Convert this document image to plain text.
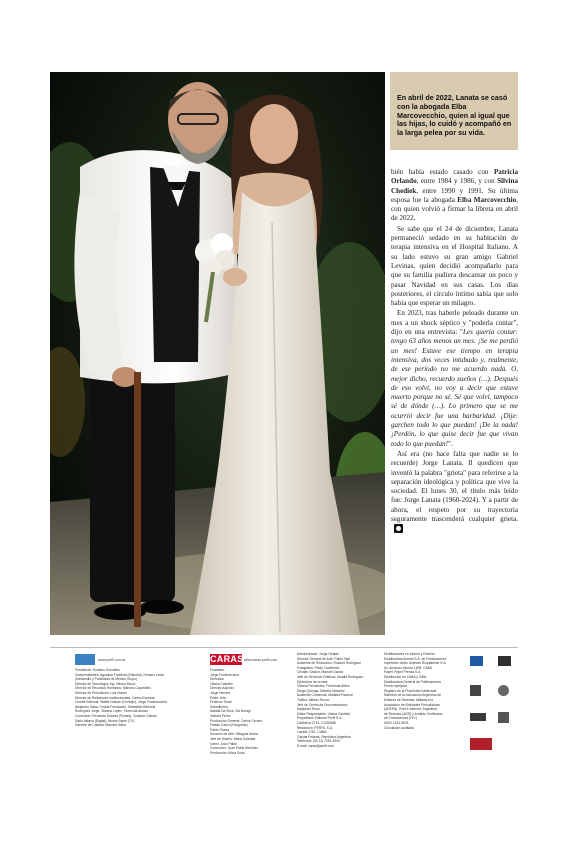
En abril de 2022, Lanata se casó con la abogada Elba Marcovecchio, quien al igual que las hijas, lo cuidó y acompañó en la larga pelea por su vida.

bién había estado casado con Patricia Orlando, entre 1984 y 1986, y con Silvina Chediek, entre 1990 y 1991. Su última esposa fue la abogada Elba Marcovecchio, con quien volvió a firmar la libreta en abril de 2022.

Se sabe que el 24 de diciembre, Lanata permaneció sedado en su habitación de terapia intensiva en el Hospital Italiano. A su lado estuvo su gran amigo Gabriel Levinas, quien decidió acompañarlo para que su familia pudiera descansar un poco y pasar Navidad en sus casas. Los días posteriores, el círculo íntimo sabía que solo había que esperar un milagro.

En 2023, tras haberle peleado durante un mes a un shock séptico y "poderla contar", dijo en una entrevista: "Les quería contar: tengo 63 años menos un mes. ¡Se me perdió un mes! Estuve ese tiempo en terapia intensiva, dos veces intubado y, realmente, de ese período no me acuerdo nada. O, mejor dicho, recuerdo sueños (…). Después de eso volví, no voy a decir que estuve muerto porque no sé. Sé que volví, tampoco sé de dónde (…). Lo primero que se me ocurrió decir fue una barbaridad. ¡Dije: garchen todo lo que puedan! ¡De la nada! ¡Perdón, lo que quise decir fue que vivan todo lo que puedan!".

Así era (no hace falta que nadie se lo recuerde) Jorge Lanata. Il quedicen que inventó la palabra "grieta" para referirse a la separación ideológica y política que vive la sociedad. El lunes 30, el título más leído fue: Jorge Lanata (1960-2024). Y a partir de ahora, el respeto por su trayectoria seguramente trascenderá cualquier grieta.

www.perfil.com.ar	CARAS www.caras.perfil.com
Presidente: Gustavo González
Vicepresidentes: Agustina Fontenla (Editorial), Horacio Lesta
(Desarrollo y Publicidad de Medios Grupo)
Director de Tecnología: Ing. Héctor Mucci
Director de Recursos Humanos: Marcelo Copaviello
Director de Periodismo: Luis Nunes
Director de Relaciones Institucionales: Carlos Escarda
Comité Editorial: Walter Galván (Consejo), Jorge Fontevecchia
Alejandro Saba, Cecilia Fernández, Sebastián Bertolini
Rodríguez Jorge, Silvana Lopez, Florencia Alonso
Comercial: Fernanda Dolores (Pymes), Gustavo Galvan
Dario Aldana (Digital), Nueva Sanm (TV)
Gerente de Calidad: Marcelo Saba
Fundador:
Jorge Fontevecchia
Directora:
Liliana Castaño
Director Adjunto:
Jorge Herrera
Editor Jefe:
Federico Terán
Subeditores:
Natalia Da Silva, Sol Boragi
Victoria Pérez
Producción General: Carlos Cerone
Fabián Calvo (Fotografía)
Pablo Giunta
Solución de Arte: Milagros Ibarra
Jefe de Diseño: María Soledad
Cerini, Juan Pablo
Corrección: Juan Pablo Martínez
Producción: Alicia Sosa
Administrador: Jorge Giraldo
Director General de Arte: Pablo Tatti
Asistente de Redacción: Rosana Rodríguez
Fotógrafos: Pablo Cuarterolo
Cristian Gastón, Manuel Garcia
Jefe de Servicios Gráficos: Amalia Rodríguez
Ejecutivos de ventas:
Viviana Fernández, Fernanda Allers
Diego Quiroga, Mariela Sánchez
Asistente Comercial: Mariana Pascual
Tráfico: Alfredo Rocco
Jefe de Centro de Documentación:
Alejandro Roca
Editor Responsable: Liliana Castaño
Propietaria: Editorial Perfil S.A.
California 2715, C1289ABI
Redacción: PERFIL S.A.
Lavalle 1751, CABA
Capital Federal, República Argentina
Teléfonos: (54 11) 7091-4900
E-mail: caras@perfil.com
Distribuidores en Interior y Exterior:
Distribuidora Austral S.A. de Publicaciones
Impresión: Artes Gráficas Rioplatense S.A.
Av. Amancio Alcorta 1695, CABA
Papel: Papel Prensa S.A.
Distribución en CABA y GBA:
Distribuidora General de Publicaciones
Precio ejemplar:
Registro de la Propiedad Intelectual
Miembro de la Asociación Argentina de
Editores de Revistas. Afiliada a la
Asociación de Entidades Periodísticas
(ADEPA). Print & Internet: Argentina
de Revistas (AER) y Instituto Verificador
de Circulaciones (IVC)
ISSN 1234-5678
Circulación auditada
